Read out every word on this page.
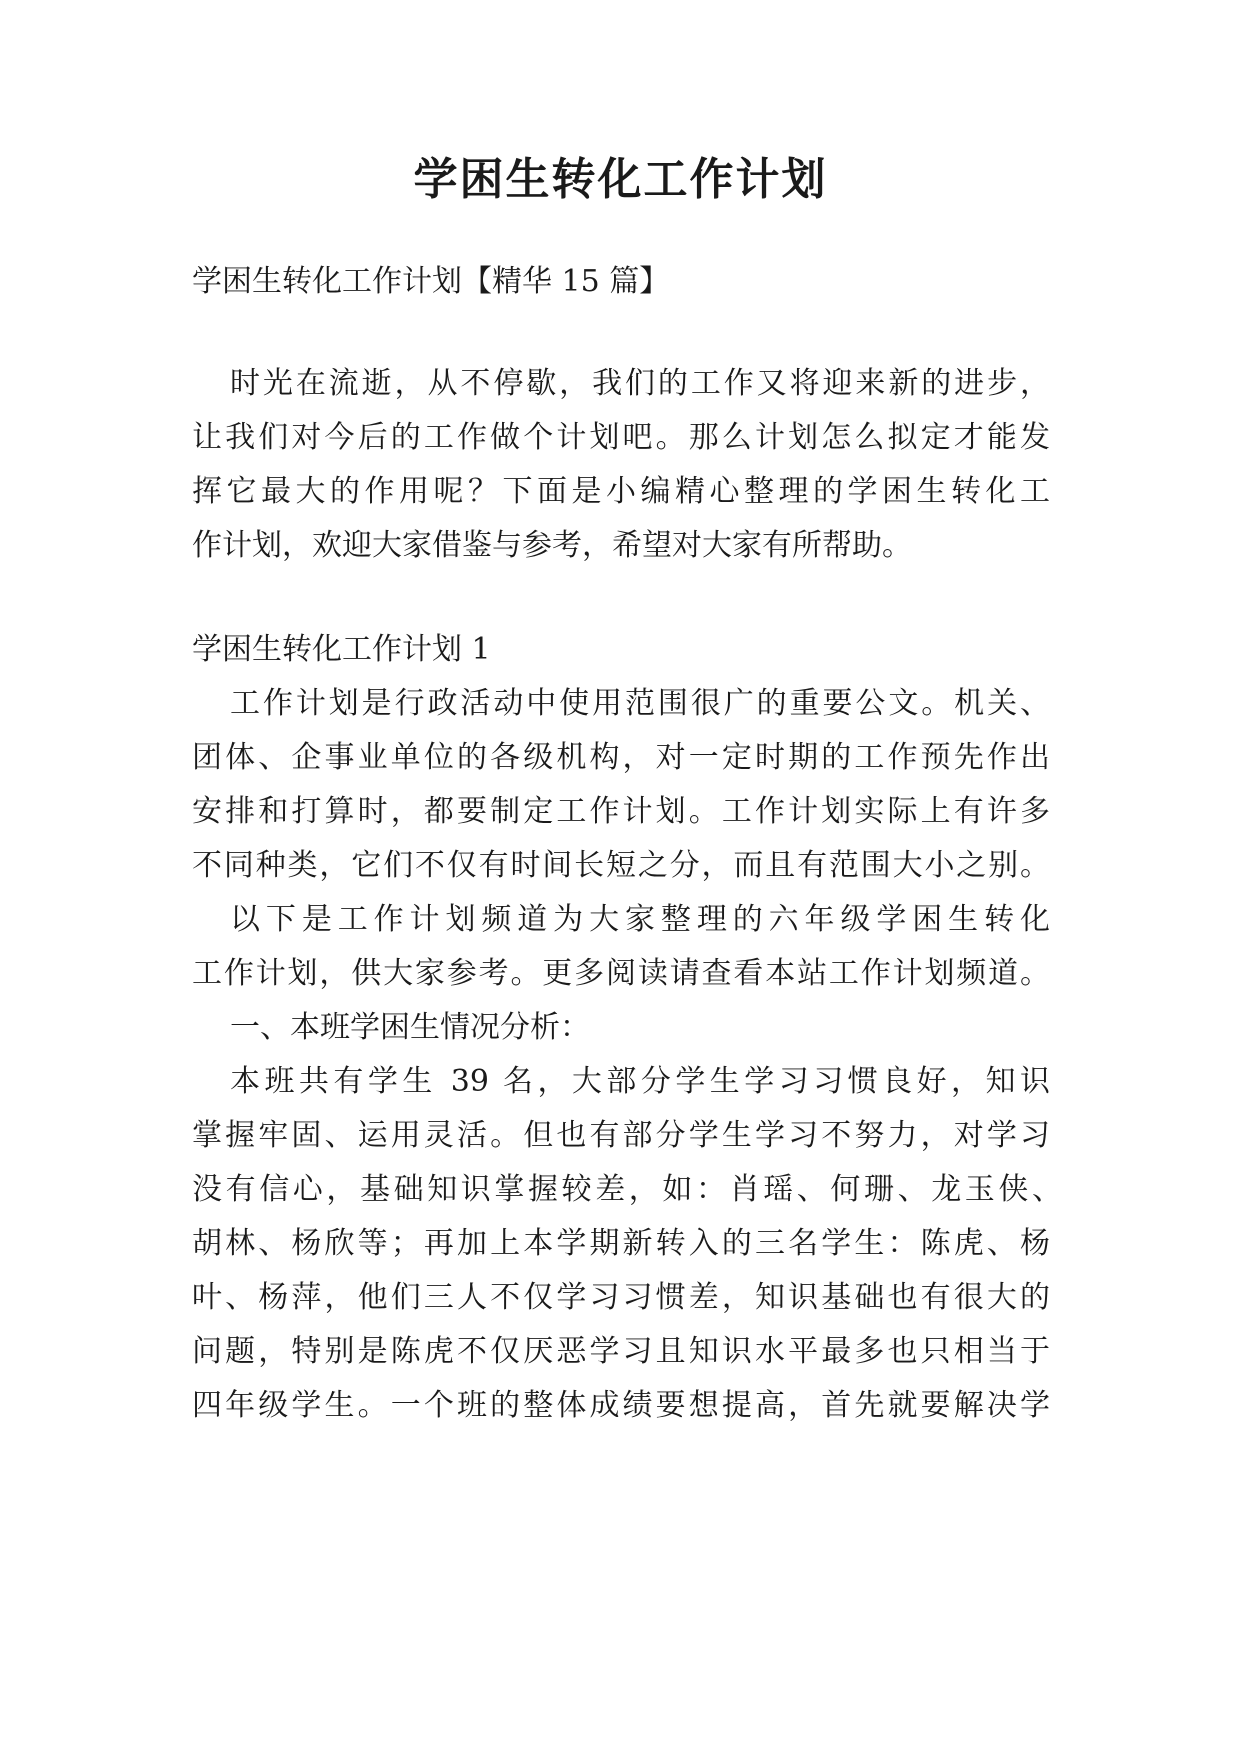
学困生转化工作计划

学困生转化工作计划【精华 15 篇】

时光在流逝，从不停歇，我们的工作又将迎来新的进步，

让我们对今后的工作做个计划吧。那么计划怎么拟定才能发

挥它最大的作用呢？下面是小编精心整理的学困生转化工

作计划，欢迎大家借鉴与参考，希望对大家有所帮助。

学困生转化工作计划 1

工作计划是行政活动中使用范围很广的重要公文。机关、

团体、企事业单位的各级机构，对一定时期的工作预先作出

安排和打算时，都要制定工作计划。工作计划实际上有许多

不同种类，它们不仅有时间长短之分，而且有范围大小之别。

以下是工作计划频道为大家整理的六年级学困生转化

工作计划，供大家参考。更多阅读请查看本站工作计划频道。

一、本班学困生情况分析：

本班共有学生 39 名，大部分学生学习习惯良好，知识

掌握牢固、运用灵活。但也有部分学生学习不努力，对学习

没有信心，基础知识掌握较差，如：肖瑶、何珊、龙玉侠、

胡林、杨欣等；再加上本学期新转入的三名学生：陈虎、杨

叶、杨萍，他们三人不仅学习习惯差，知识基础也有很大的

问题，特别是陈虎不仅厌恶学习且知识水平最多也只相当于

四年级学生。一个班的整体成绩要想提高，首先就要解决学
